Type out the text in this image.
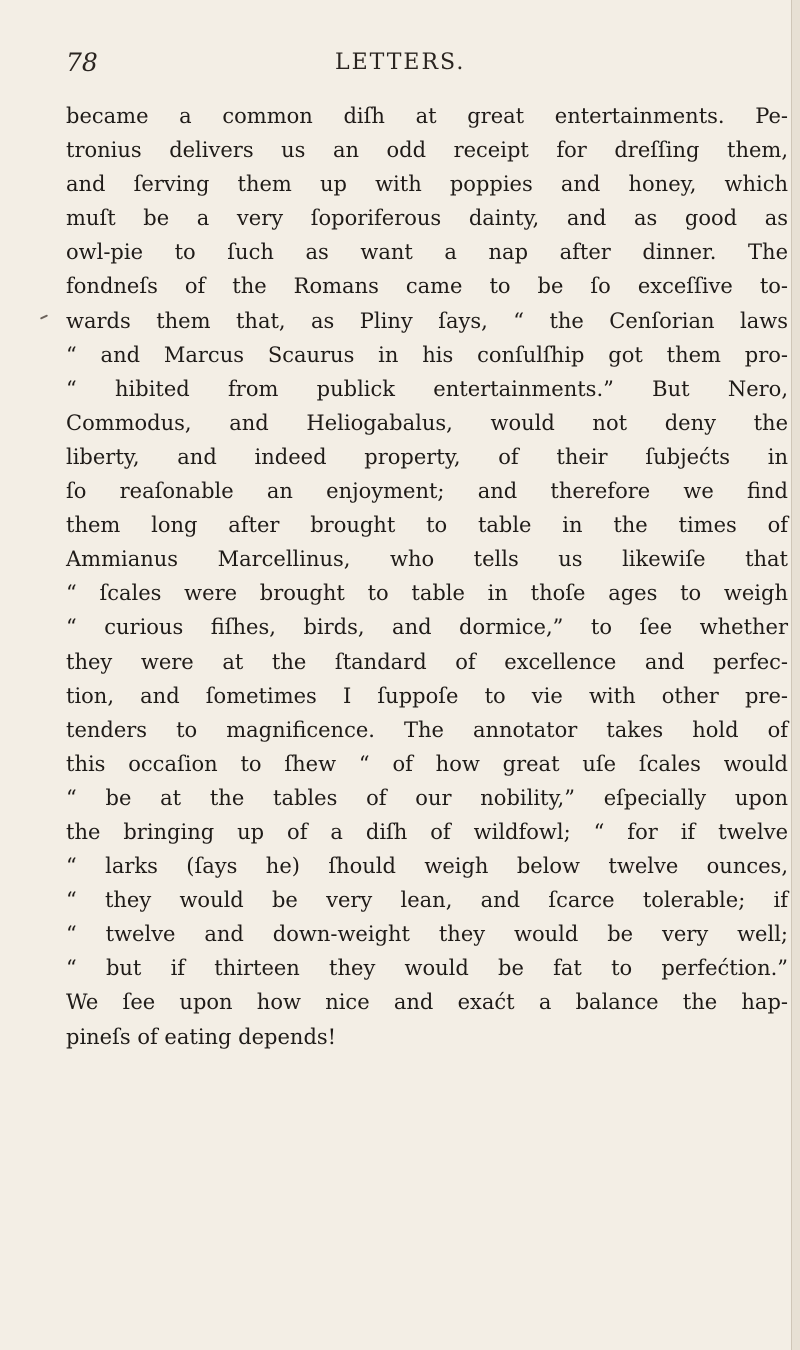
78	LETTERS.
became a common diſh at great entertainments. Pe-
tronius delivers us an odd receipt for dreſſing them,
and ſerving them up with poppies and honey, which
muſt be a very ſoporiferous dainty, and as good as
owl-pie to ſuch as want a nap after dinner. The
fondneſs of the Romans came to be ſo exceſſive to-
wards them that, as Pliny ſays, “ the Cenſorian laws
“ and Marcus Scaurus in his conſulſhip got them pro-
“ hibited from publick entertainments.” But Nero,
Commodus, and Heliogabalus, would not deny the
liberty, and indeed property, of their ſubjećts in
ſo reaſonable an enjoyment; and therefore we find
them long after brought to table in the times of
Ammianus Marcellinus, who tells us likewiſe that
“ ſcales were brought to table in thoſe ages to weigh
“ curious fiſhes, birds, and dormice,” to ſee whether
they were at the ſtandard of excellence and perfec-
tion, and ſometimes I ſuppoſe to vie with other pre-
tenders to magnificence. The annotator takes hold of
this occaſion to ſhew “ of how great uſe ſcales would
“ be at the tables of our nobility,” eſpecially upon
the bringing up of a diſh of wildfowl; “ for if twelve
“ larks (ſays he) ſhould weigh below twelve ounces,
“ they would be very lean, and ſcarce tolerable; if
“ twelve and down-weight they would be very well;
“ but if thirteen they would be fat to perfećtion.”
We ſee upon how nice and exaćt a balance the hap-
pineſs of eating depends!
